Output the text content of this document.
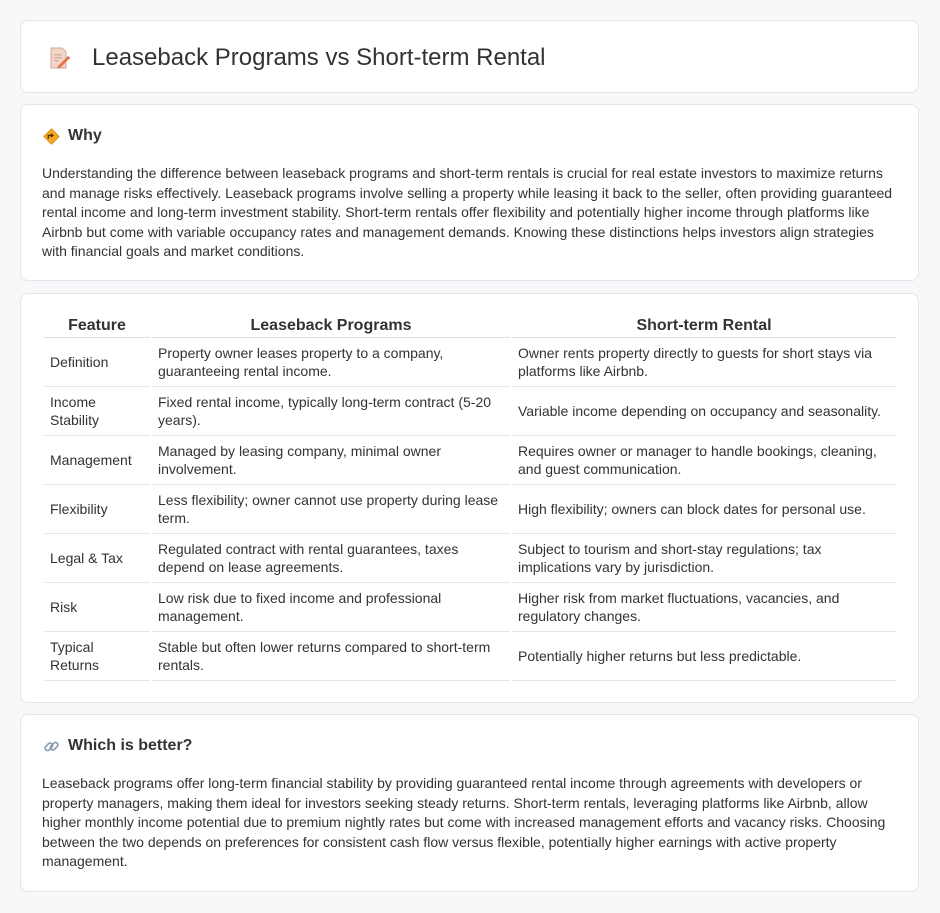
Leaseback Programs vs Short-term Rental
Why

Understanding the difference between leaseback programs and short-term rentals is crucial for real estate investors to maximize returns and manage risks effectively. Leaseback programs involve selling a property while leasing it back to the seller, often providing guaranteed rental income and long-term investment stability. Short-term rentals offer flexibility and potentially higher income through platforms like Airbnb but come with variable occupancy rates and management demands. Knowing these distinctions helps investors align strategies with financial goals and market conditions.

Feature	Leaseback Programs	Short-term Rental
Definition	Property owner leases property to a company, guaranteeing rental income.	Owner rents property directly to guests for short stays via platforms like Airbnb.
Income Stability	Fixed rental income, typically long-term contract (5-20 years).	Variable income depending on occupancy and seasonality.
Management	Managed by leasing company, minimal owner involvement.	Requires owner or manager to handle bookings, cleaning, and guest communication.
Flexibility	Less flexibility; owner cannot use property during lease term.	High flexibility; owners can block dates for personal use.
Legal & Tax	Regulated contract with rental guarantees, taxes depend on lease agreements.	Subject to tourism and short-stay regulations; tax implications vary by jurisdiction.
Risk	Low risk due to fixed income and professional management.	Higher risk from market fluctuations, vacancies, and regulatory changes.
Typical Returns	Stable but often lower returns compared to short-term rentals.	Potentially higher returns but less predictable.
Which is better?

Leaseback programs offer long-term financial stability by providing guaranteed rental income through agreements with developers or property managers, making them ideal for investors seeking steady returns. Short-term rentals, leveraging platforms like Airbnb, allow higher monthly income potential due to premium nightly rates but come with increased management efforts and vacancy risks. Choosing between the two depends on preferences for consistent cash flow versus flexible, potentially higher earnings with active property management.
